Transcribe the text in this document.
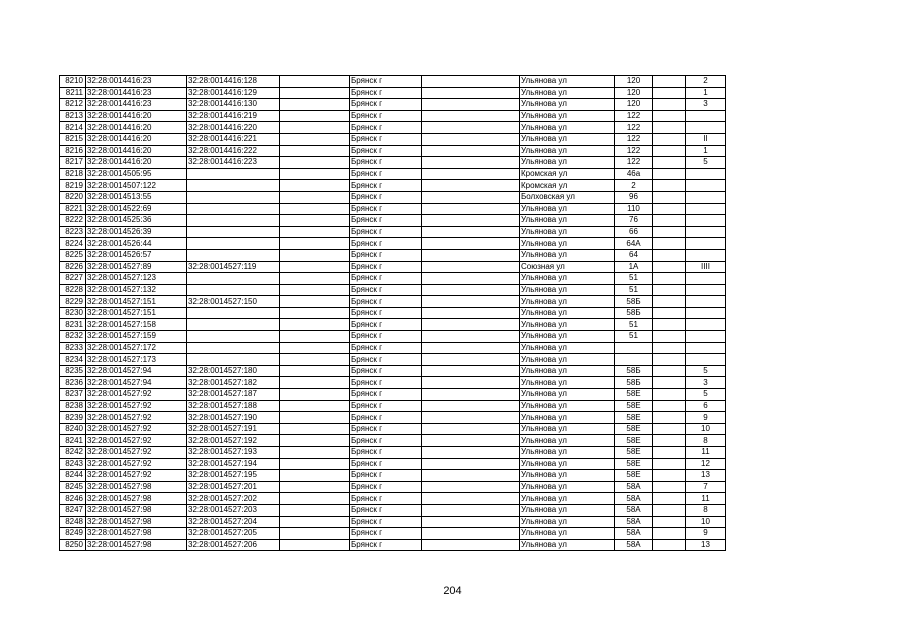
8210	32:28:0014416:23	32:28:0014416:128		Брянск г		Ульянова ул	120		2
8211	32:28:0014416:23	32:28:0014416:129		Брянск г		Ульянова ул	120		1
8212	32:28:0014416:23	32:28:0014416:130		Брянск г		Ульянова ул	120		3
8213	32:28:0014416:20	32:28:0014416:219		Брянск г		Ульянова ул	122		
8214	32:28:0014416:20	32:28:0014416:220		Брянск г		Ульянова ул	122		
8215	32:28:0014416:20	32:28:0014416:221		Брянск г		Ульянова ул	122		II
8216	32:28:0014416:20	32:28:0014416:222		Брянск г		Ульянова ул	122		1
8217	32:28:0014416:20	32:28:0014416:223		Брянск г		Ульянова ул	122		5
8218	32:28:0014505:95			Брянск г		Кромская ул	46а		
8219	32:28:0014507:122			Брянск г		Кромская ул	2		
8220	32:28:0014513:55			Брянск г		Болховская ул	96		
8221	32:28:0014522:69			Брянск г		Ульянова ул	110		
8222	32:28:0014525:36			Брянск г		Ульянова ул	76		
8223	32:28:0014526:39			Брянск г		Ульянова ул	66		
8224	32:28:0014526:44			Брянск г		Ульянова ул	64А		
8225	32:28:0014526:57			Брянск г		Ульянова ул	64		
8226	32:28:0014527:89	32:28:0014527:119		Брянск г		Союзная ул	1А		IIII
8227	32:28:0014527:123			Брянск г		Ульянова ул	51		
8228	32:28:0014527:132			Брянск г		Ульянова ул	51		
8229	32:28:0014527:151	32:28:0014527:150		Брянск г		Ульянова ул	58Б		
8230	32:28:0014527:151			Брянск г		Ульянова ул	58Б		
8231	32:28:0014527:158			Брянск г		Ульянова ул	51		
8232	32:28:0014527:159			Брянск г		Ульянова ул	51		
8233	32:28:0014527:172			Брянск г		Ульянова ул			
8234	32:28:0014527:173			Брянск г		Ульянова ул			
8235	32:28:0014527:94	32:28:0014527:180		Брянск г		Ульянова ул	58Б		5
8236	32:28:0014527:94	32:28:0014527:182		Брянск г		Ульянова ул	58Б		3
8237	32:28:0014527:92	32:28:0014527:187		Брянск г		Ульянова ул	58Е		5
8238	32:28:0014527:92	32:28:0014527:188		Брянск г		Ульянова ул	58Е		6
8239	32:28:0014527:92	32:28:0014527:190		Брянск г		Ульянова ул	58Е		9
8240	32:28:0014527:92	32:28:0014527:191		Брянск г		Ульянова ул	58Е		10
8241	32:28:0014527:92	32:28:0014527:192		Брянск г		Ульянова ул	58Е		8
8242	32:28:0014527:92	32:28:0014527:193		Брянск г		Ульянова ул	58Е		11
8243	32:28:0014527:92	32:28:0014527:194		Брянск г		Ульянова ул	58Е		12
8244	32:28:0014527:92	32:28:0014527:195		Брянск г		Ульянова ул	58Е		13
8245	32:28:0014527:98	32:28:0014527:201		Брянск г		Ульянова ул	58А		7
8246	32:28:0014527:98	32:28:0014527:202		Брянск г		Ульянова ул	58А		11
8247	32:28:0014527:98	32:28:0014527:203		Брянск г		Ульянова ул	58А		8
8248	32:28:0014527:98	32:28:0014527:204		Брянск г		Ульянова ул	58А		10
8249	32:28:0014527:98	32:28:0014527:205		Брянск г		Ульянова ул	58А		9
8250	32:28:0014527:98	32:28:0014527:206		Брянск г		Ульянова ул	58А		13
204
